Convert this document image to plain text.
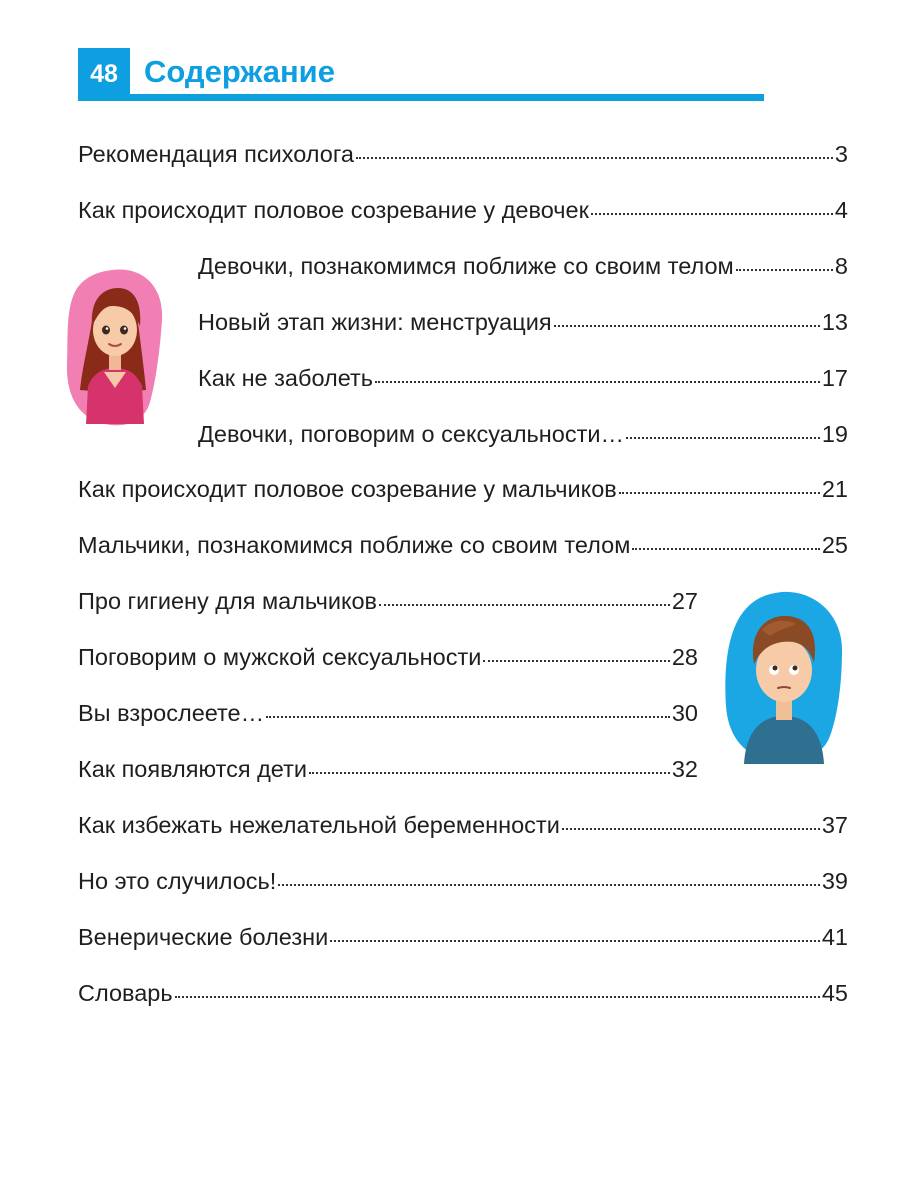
48 Содержание
Рекомендация психолога	3
Как происходит половое созревание у девочек	4
Девочки, познакомимся поближе со своим телом	8
Новый этап жизни: менструация	13
Как не заболеть	17
Девочки, поговорим о сексуальности…	19
Как происходит половое созревание у мальчиков	21
Мальчики, познакомимся поближе со своим телом	25
Про гигиену для мальчиков	27
Поговорим о мужской сексуальности	28
Вы взрослеете…	30
Как появляются дети	32
Как избежать нежелательной беременности	37
Но это случилось!	39
Венерические болезни	41
Словарь	45
